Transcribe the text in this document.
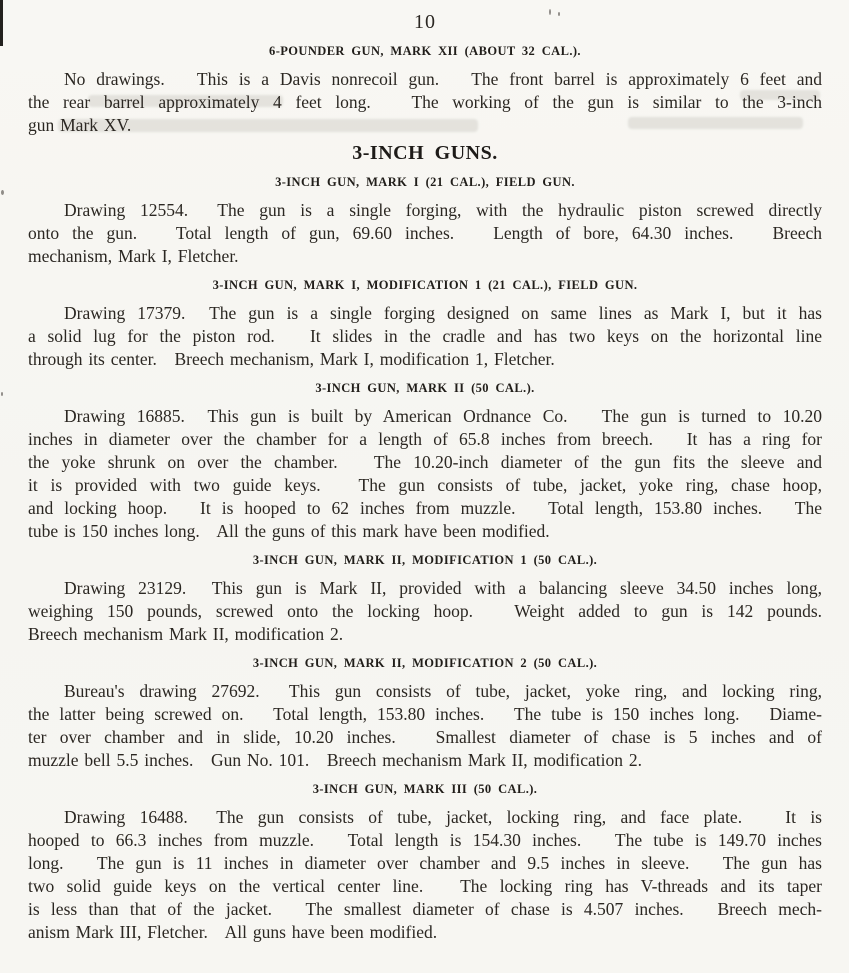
10
6-POUNDER GUN, MARK XII (ABOUT 32 CAL.).
No drawings.   This is a Davis nonrecoil gun.   The front barrel is approximately 6 feet and
the rear barrel approximately 4 feet long.   The working of the gun is similar to the 3-inch
gun Mark XV.
3-INCH GUNS.
3-INCH GUN, MARK I (21 CAL.), FIELD GUN.
Drawing 12554.  The gun is a single forging, with the hydraulic piston screwed directly
onto the gun.   Total length of gun, 69.60 inches.   Length of bore, 64.30 inches.   Breech
mechanism, Mark I, Fletcher.
3-INCH GUN, MARK I, MODIFICATION 1 (21 CAL.), FIELD GUN.
Drawing 17379.  The gun is a single forging designed on same lines as Mark I, but it has
a solid lug for the piston rod.   It slides in the cradle and has two keys on the horizontal line
through its center.   Breech mechanism, Mark I, modification 1, Fletcher.
3-INCH GUN, MARK II (50 CAL.).
Drawing 16885.  This gun is built by American Ordnance Co.   The gun is turned to 10.20
inches in diameter over the chamber for a length of 65.8 inches from breech.   It has a ring for
the yoke shrunk on over the chamber.   The 10.20-inch diameter of the gun fits the sleeve and
it is provided with two guide keys.   The gun consists of tube, jacket, yoke ring, chase hoop,
and locking hoop.   It is hooped to 62 inches from muzzle.   Total length, 153.80 inches.   The
tube is 150 inches long.   All the guns of this mark have been modified.
3-INCH GUN, MARK II, MODIFICATION 1 (50 CAL.).
Drawing 23129.  This gun is Mark II, provided with a balancing sleeve 34.50 inches long,
weighing 150 pounds, screwed onto the locking hoop.   Weight added to gun is 142 pounds.
Breech mechanism Mark II, modification 2.
3-INCH GUN, MARK II, MODIFICATION 2 (50 CAL.).
Bureau's drawing 27692.  This gun consists of tube, jacket, yoke ring, and locking ring,
the latter being screwed on.   Total length, 153.80 inches.   The tube is 150 inches long.   Diame-
ter over chamber and in slide, 10.20 inches.   Smallest diameter of chase is 5 inches and of
muzzle bell 5.5 inches.   Gun No. 101.   Breech mechanism Mark II, modification 2.
3-INCH GUN, MARK III (50 CAL.).
Drawing 16488.  The gun consists of tube, jacket, locking ring, and face plate.   It is
hooped to 66.3 inches from muzzle.   Total length is 154.30 inches.   The tube is 149.70 inches
long.   The gun is 11 inches in diameter over chamber and 9.5 inches in sleeve.   The gun has
two solid guide keys on the vertical center line.   The locking ring has V-threads and its taper
is less than that of the jacket.   The smallest diameter of chase is 4.507 inches.   Breech mech-
anism Mark III, Fletcher.   All guns have been modified.
